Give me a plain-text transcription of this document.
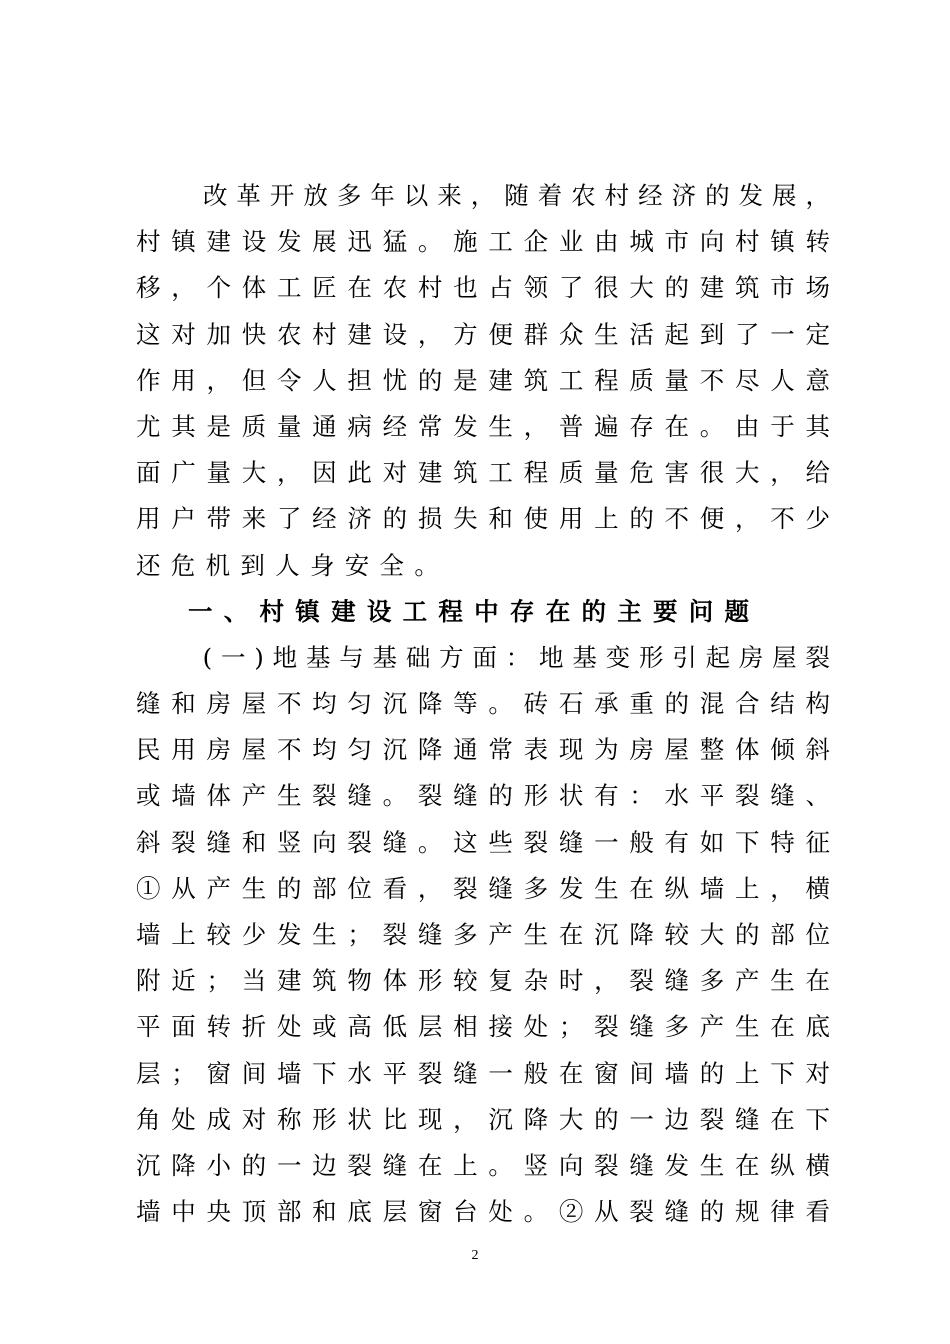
　　改革开放多年以来，随着农村经济的发展，
村镇建设发展迅猛。施工企业由城市向村镇转
移，个体工匠在农村也占领了很大的建筑市场
这对加快农村建设，方便群众生活起到了一定
作用，但令人担忧的是建筑工程质量不尽人意
尤其是质量通病经常发生，普遍存在。由于其
面广量大，因此对建筑工程质量危害很大，给
用户带来了经济的损失和使用上的不便，不少
还危机到人身安全。
一、村镇建设工程中存在的主要问题
　　(一)地基与基础方面：地基变形引起房屋裂
缝和房屋不均匀沉降等。砖石承重的混合结构
民用房屋不均匀沉降通常表现为房屋整体倾斜
或墙体产生裂缝。裂缝的形状有：水平裂缝、
斜裂缝和竖向裂缝。这些裂缝一般有如下特征
①从产生的部位看，裂缝多发生在纵墙上，横
墙上较少发生；裂缝多产生在沉降较大的部位
附近；当建筑物体形较复杂时，裂缝多产生在
平面转折处或高低层相接处；裂缝多产生在底
层；窗间墙下水平裂缝一般在窗间墙的上下对
角处成对称形状比现，沉降大的一边裂缝在下
沉降小的一边裂缝在上。竖向裂缝发生在纵横
墙中央顶部和底层窗台处。②从裂缝的规律看
2
